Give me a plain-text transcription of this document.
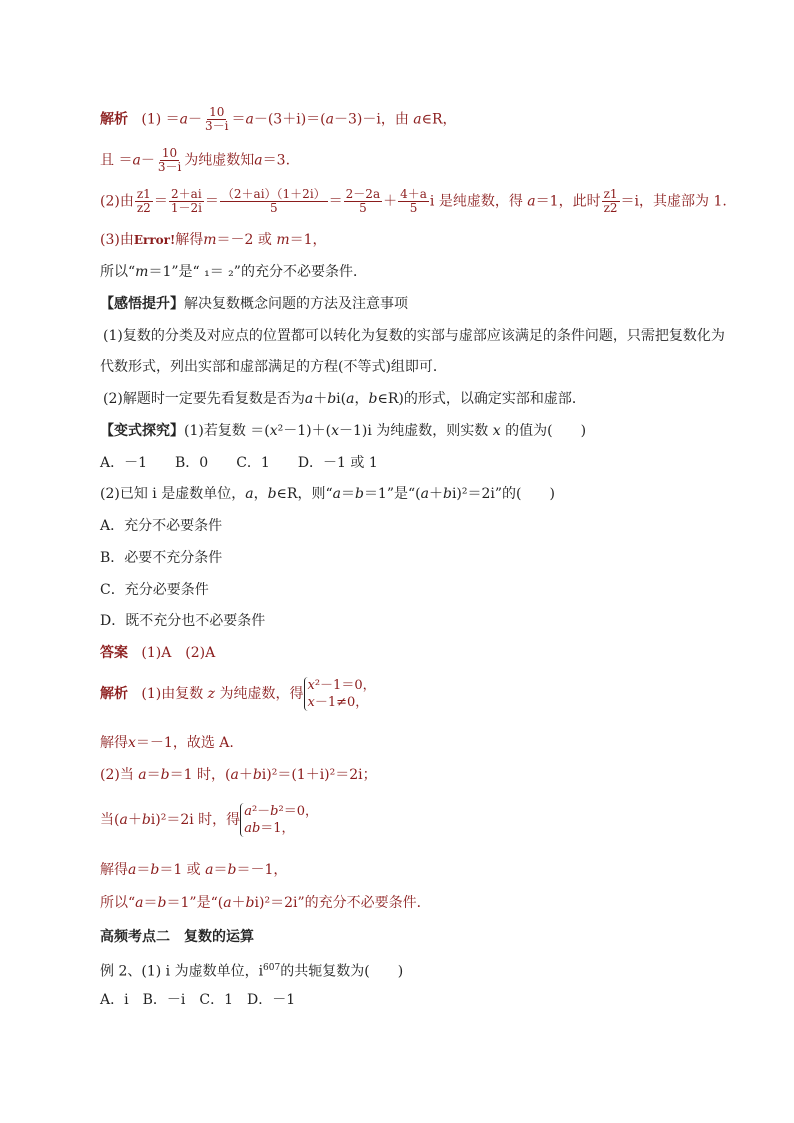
解析 $(1) =a- \frac{10}{3-i} =a-(3+i)=(a-3)-i$，由 a∈R，
且 $=a- \frac{10}{3-i}$ 为纯虚数知a＝3.
(2)由 $\frac{z1}{z2} = \frac{2+ai}{1-2i} = \frac{(2+ai)(1+2i)}{5} = \frac{2-2a}{5} + \frac{4+a}{5}$ i 是纯虚数，得 a＝1，此时 $\frac{z1}{z2} =i$，其虚部为 1.
(3)由Error!解得m＝－2 或 m＝1，
所以“m＝1”是“ ₁＝ ₂”的充分不必要条件．
【感悟提升】解决复数概念问题的方法及注意事项
(1)复数的分类及对应点的位置都可以转化为复数的实部与虚部应该满足的条件问题，只需把复数化为
代数形式，列出实部和虚部满足的方程(不等式)组即可．
(2)解题时一定要先看复数是否为a＋bi(a，b∈R)的形式，以确定实部和虚部．
【变式探究】(1)若复数 ＝(x²－1)＋(x－1)i 为纯虚数，则实数 x 的值为(　　)
A．－1　　B．0　　C．1　　D．－1 或 1
(2)已知 i 是虚数单位，a，b∈R，则“a＝b＝1”是“(a＋bi)²＝2i”的(　　)
A．充分不必要条件
B．必要不充分条件
C．充分必要条件
D．既不充分也不必要条件
答案 (1)A　(2)A
解析 (1)由复数 z 为纯虚数，得x²－1＝0，
x－1≠0，
解得x＝－1，故选 A.
(2)当 a＝b＝1 时，(a＋bi)²＝(1＋i)²＝2i；
当(a＋bi)²＝2i 时，得a²－b²＝0，
ab＝1，
解得a＝b＝1 或 a＝b＝－1，
所以“a＝b＝1”是“(a＋bi)²＝2i”的充分不必要条件．
高频考点二　复数的运算
例 2、(1) i 为虚数单位，$i^{607}$的共轭复数为(　　)
A．i　B．－i　C．1　D．－1
